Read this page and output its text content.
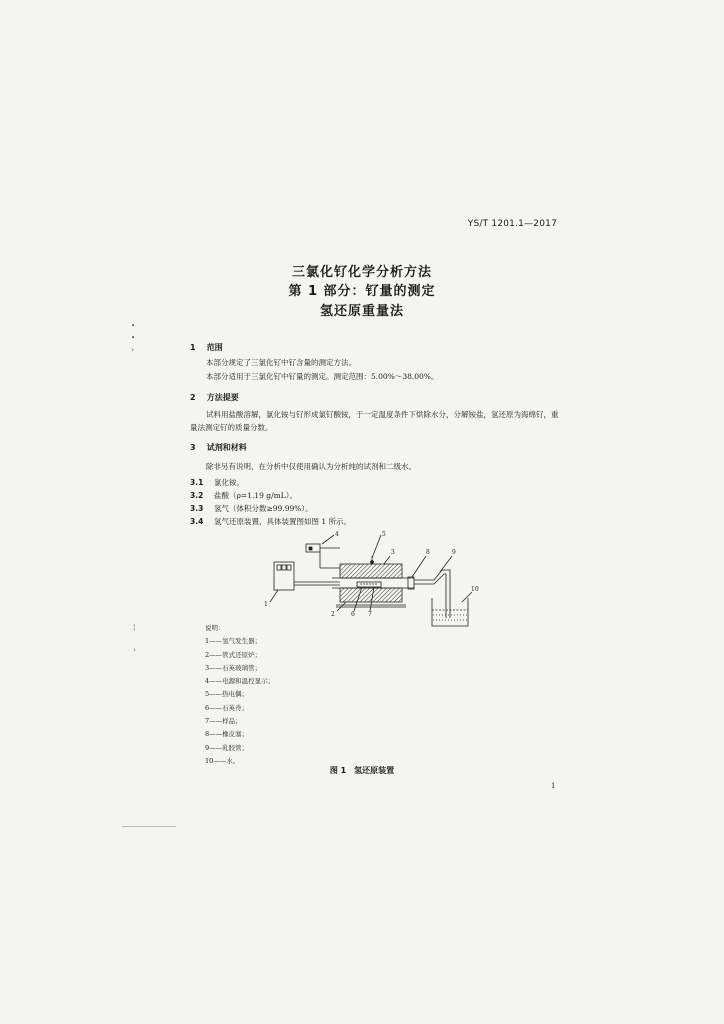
YS/T 1201.1—2017
三氯化钌化学分析方法
第 1 部分：钌量的测定
氢还原重量法
1 范围
本部分规定了三氯化钌中钌含量的测定方法。
本部分适用于三氯化钌中钌量的测定。测定范围：5.00%～38.00%。
2 方法提要
试料用盐酸溶解，氯化铵与钌形成氯钌酸铵，于一定温度条件下烘除水分，分解铵盐，氢还原为海绵钌，重量法测定钌的质量分数。
3 试剂和材料
除非另有说明，在分析中仅使用确认为分析纯的试剂和二级水。
3.1 氯化铵。
3.2 盐酸（ρ=1.19 g/mL）。
3.3 氢气（体积分数≥99.99%）。
3.4 氢气还原装置，具体装置图如图 1 所示。
1
2
3
4	5
6 7
8	9
10
说明：
1——氢气发生器；
2——管式还原炉；
3——石英玻璃管；
4——电源和温控显示；
5——热电偶；
6——石英舟；
7——样品；
8——橡皮塞；
9——乳胶管；
10——水。
图 1　氢还原装置
1
•
•
›
¦
›
